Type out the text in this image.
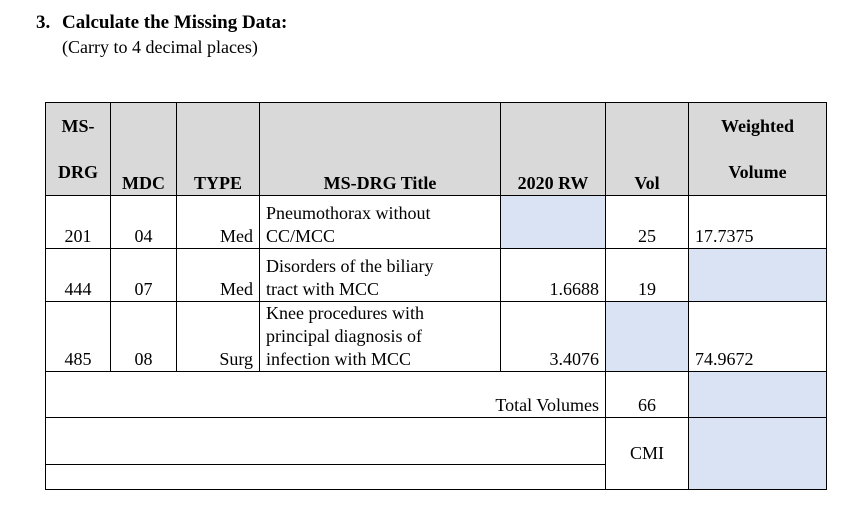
3. Calculate the Missing Data:
(Carry to 4 decimal places)
MS-
DRG	MDC	TYPE	MS-DRG Title	2020 RW	Vol	Weighted
Volume

201	04	Med	Pneumothorax without
CC/MCC		25	17.7375
444	07	Med	Disorders of the biliary
tract with MCC	1.6688	19	
485	08	Surg	Knee procedures with
principal diagnosis of
infection with MCC	3.4076		74.9672
Total Volumes					66	
					CMI	
